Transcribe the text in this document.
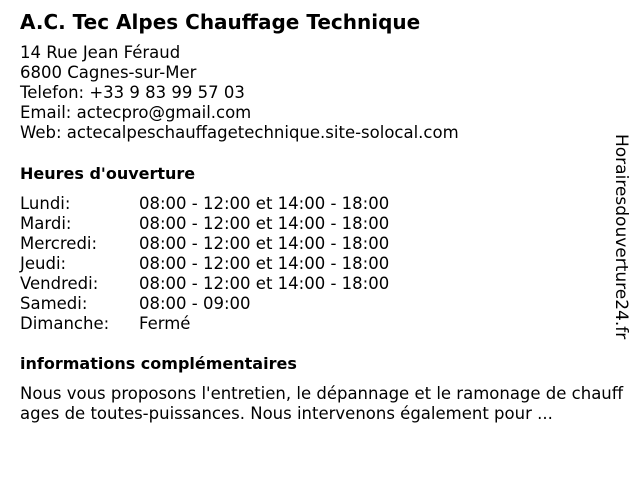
A.C. Tec Alpes Chauffage Technique
14 Rue Jean Féraud
6800 Cagnes-sur-Mer
Telefon: +33 9 83 99 57 03
Email: actecpro@gmail.com
Web: actecalpeschauffagetechnique.site-solocal.com
Heures d'ouverture
Lundi:	08:00 - 12:00 et 14:00 - 18:00
Mardi:	08:00 - 12:00 et 14:00 - 18:00
Mercredi:	08:00 - 12:00 et 14:00 - 18:00
Jeudi:	08:00 - 12:00 et 14:00 - 18:00
Vendredi:	08:00 - 12:00 et 14:00 - 18:00
Samedi:	08:00 - 09:00
Dimanche:	Fermé
informations complémentaires
Nous vous proposons l'entretien, le dépannage et le ramonage de chauffages de toutes-puissances. Nous intervenons également pour ...
Horairesdouverture24.fr
